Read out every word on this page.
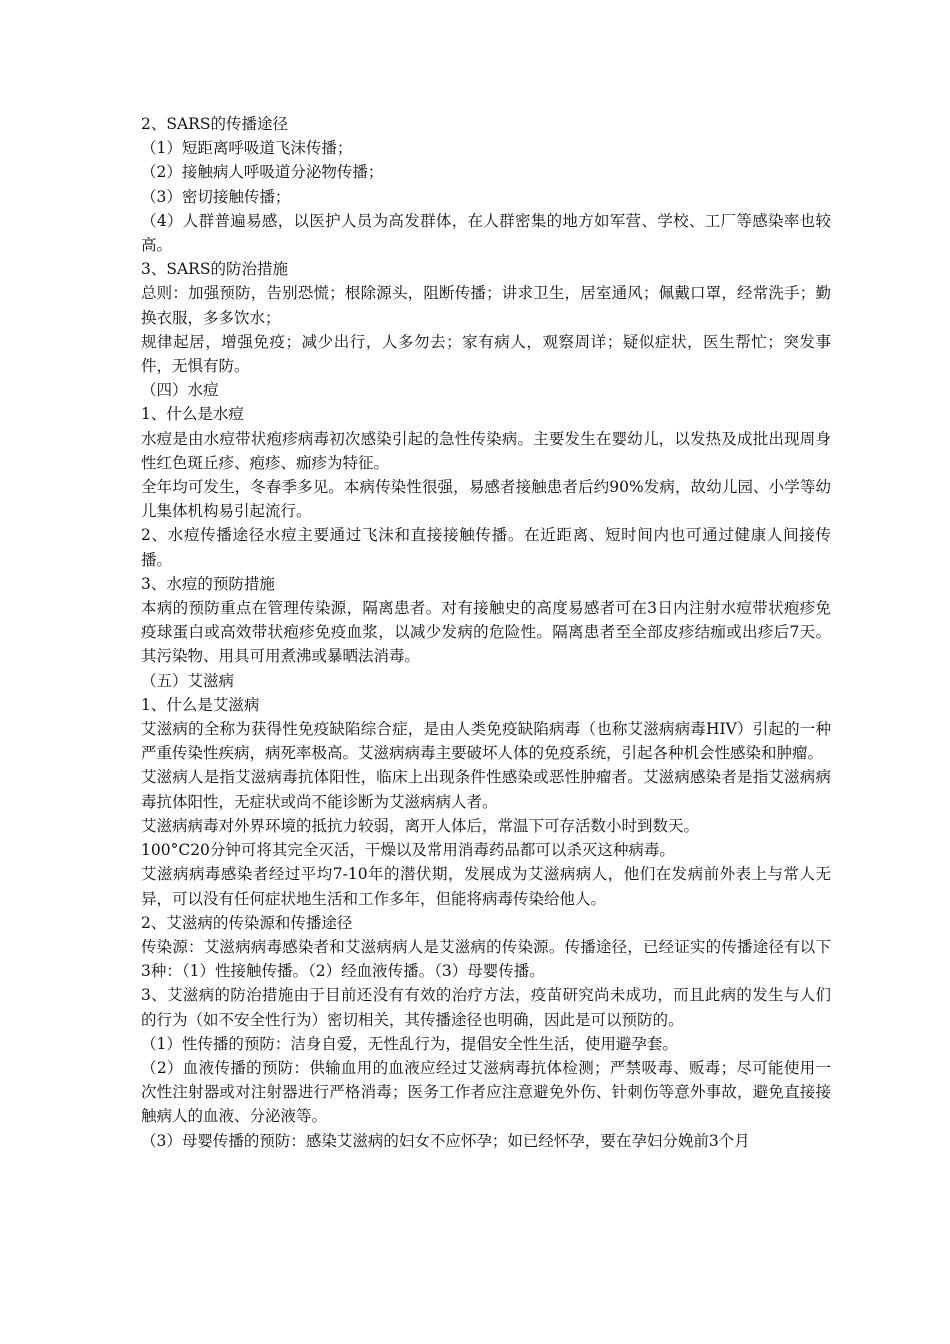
2、SARS的传播途径

（1）短距离呼吸道飞沫传播；

（2）接触病人呼吸道分泌物传播；

（3）密切接触传播；

（4）人群普遍易感，以医护人员为高发群体，在人群密集的地方如军营、学校、工厂等感染率也较高。

3、SARS的防治措施

总则：加强预防，告别恐慌；根除源头，阻断传播；讲求卫生，居室通风；佩戴口罩，经常洗手；勤换衣服，多多饮水；

规律起居，增强免疫；减少出行，人多勿去；家有病人，观察周详；疑似症状，医生帮忙；突发事件，无惧有防。

（四）水痘

1、什么是水痘

水痘是由水痘带状疱疹病毒初次感染引起的急性传染病。主要发生在婴幼儿，以发热及成批出现周身性红色斑丘疹、疱疹、痂疹为特征。

全年均可发生，冬春季多见。本病传染性很强，易感者接触患者后约90%发病，故幼儿园、小学等幼儿集体机构易引起流行。

2、水痘传播途径水痘主要通过飞沫和直接接触传播。在近距离、短时间内也可通过健康人间接传播。

3、水痘的预防措施

本病的预防重点在管理传染源，隔离患者。对有接触史的高度易感者可在3日内注射水痘带状疱疹免疫球蛋白或高效带状疱疹免疫血浆，以减少发病的危险性。隔离患者至全部皮疹结痂或出疹后7天。其污染物、用具可用煮沸或暴晒法消毒。

（五）艾滋病

1、什么是艾滋病

艾滋病的全称为获得性免疫缺陷综合症，是由人类免疫缺陷病毒（也称艾滋病病毒HIV）引起的一种严重传染性疾病，病死率极高。艾滋病病毒主要破坏人体的免疫系统，引起各种机会性感染和肿瘤。

艾滋病人是指艾滋病毒抗体阳性，临床上出现条件性感染或恶性肿瘤者。艾滋病感染者是指艾滋病病毒抗体阳性，无症状或尚不能诊断为艾滋病病人者。

艾滋病病毒对外界环境的抵抗力较弱，离开人体后，常温下可存活数小时到数天。

100°C20分钟可将其完全灭活，干燥以及常用消毒药品都可以杀灭这种病毒。

艾滋病病毒感染者经过平均7-10年的潜伏期，发展成为艾滋病病人，他们在发病前外表上与常人无异，可以没有任何症状地生活和工作多年，但能将病毒传染给他人。

2、艾滋病的传染源和传播途径

传染源：艾滋病病毒感染者和艾滋病病人是艾滋病的传染源。传播途径，已经证实的传播途径有以下3种：（1）性接触传播。（2）经血液传播。（3）母婴传播。

3、艾滋病的防治措施由于目前还没有有效的治疗方法，疫苗研究尚未成功，而且此病的发生与人们的行为（如不安全性行为）密切相关，其传播途径也明确，因此是可以预防的。

（1）性传播的预防：洁身自爱，无性乱行为，提倡安全性生活，使用避孕套。

（2）血液传播的预防：供输血用的血液应经过艾滋病毒抗体检测；严禁吸毒、贩毒；尽可能使用一次性注射器或对注射器进行严格消毒；医务工作者应注意避免外伤、针刺伤等意外事故，避免直接接触病人的血液、分泌液等。

（3）母婴传播的预防：感染艾滋病的妇女不应怀孕；如已经怀孕，要在孕妇分娩前3个月
